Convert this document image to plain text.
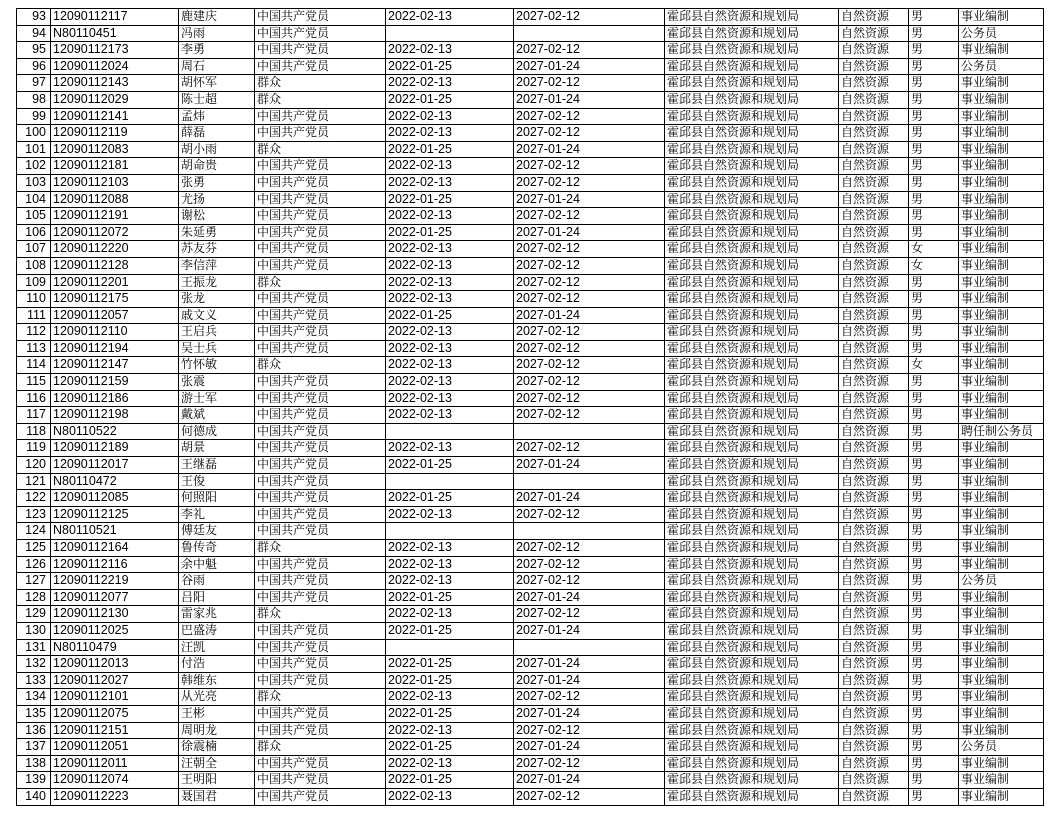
93	12090112117	鹿建庆	中国共产党员	2022-02-13	2027-02-12	霍邱县自然资源和规划局	自然资源	男	事业编制
94	N80110451	冯雨	中国共产党员			霍邱县自然资源和规划局	自然资源	男	公务员
95	12090112173	李勇	中国共产党员	2022-02-13	2027-02-12	霍邱县自然资源和规划局	自然资源	男	事业编制
96	12090112024	周石	中国共产党员	2022-01-25	2027-01-24	霍邱县自然资源和规划局	自然资源	男	公务员
97	12090112143	胡怀军	群众	2022-02-13	2027-02-12	霍邱县自然资源和规划局	自然资源	男	事业编制
98	12090112029	陈士超	群众	2022-01-25	2027-01-24	霍邱县自然资源和规划局	自然资源	男	事业编制
99	12090112141	孟炜	中国共产党员	2022-02-13	2027-02-12	霍邱县自然资源和规划局	自然资源	男	事业编制
100	12090112119	薛磊	中国共产党员	2022-02-13	2027-02-12	霍邱县自然资源和规划局	自然资源	男	事业编制
101	12090112083	胡小雨	群众	2022-01-25	2027-01-24	霍邱县自然资源和规划局	自然资源	男	事业编制
102	12090112181	胡命贵	中国共产党员	2022-02-13	2027-02-12	霍邱县自然资源和规划局	自然资源	男	事业编制
103	12090112103	张勇	中国共产党员	2022-02-13	2027-02-12	霍邱县自然资源和规划局	自然资源	男	事业编制
104	12090112088	尤扬	中国共产党员	2022-01-25	2027-01-24	霍邱县自然资源和规划局	自然资源	男	事业编制
105	12090112191	谢松	中国共产党员	2022-02-13	2027-02-12	霍邱县自然资源和规划局	自然资源	男	事业编制
106	12090112072	朱延勇	中国共产党员	2022-01-25	2027-01-24	霍邱县自然资源和规划局	自然资源	男	事业编制
107	12090112220	苏友芬	中国共产党员	2022-02-13	2027-02-12	霍邱县自然资源和规划局	自然资源	女	事业编制
108	12090112128	李信萍	中国共产党员	2022-02-13	2027-02-12	霍邱县自然资源和规划局	自然资源	女	事业编制
109	12090112201	王振龙	群众	2022-02-13	2027-02-12	霍邱县自然资源和规划局	自然资源	男	事业编制
110	12090112175	张龙	中国共产党员	2022-02-13	2027-02-12	霍邱县自然资源和规划局	自然资源	男	事业编制
111	12090112057	戚文义	中国共产党员	2022-01-25	2027-01-24	霍邱县自然资源和规划局	自然资源	男	事业编制
112	12090112110	王启兵	中国共产党员	2022-02-13	2027-02-12	霍邱县自然资源和规划局	自然资源	男	事业编制
113	12090112194	吴士兵	中国共产党员	2022-02-13	2027-02-12	霍邱县自然资源和规划局	自然资源	男	事业编制
114	12090112147	竹怀敏	群众	2022-02-13	2027-02-12	霍邱县自然资源和规划局	自然资源	女	事业编制
115	12090112159	张震	中国共产党员	2022-02-13	2027-02-12	霍邱县自然资源和规划局	自然资源	男	事业编制
116	12090112186	游士军	中国共产党员	2022-02-13	2027-02-12	霍邱县自然资源和规划局	自然资源	男	事业编制
117	12090112198	戴斌	中国共产党员	2022-02-13	2027-02-12	霍邱县自然资源和规划局	自然资源	男	事业编制
118	N80110522	何德成	中国共产党员			霍邱县自然资源和规划局	自然资源	男	聘任制公务员
119	12090112189	胡景	中国共产党员	2022-02-13	2027-02-12	霍邱县自然资源和规划局	自然资源	男	事业编制
120	12090112017	王继磊	中国共产党员	2022-01-25	2027-01-24	霍邱县自然资源和规划局	自然资源	男	事业编制
121	N80110472	王俊	中国共产党员			霍邱县自然资源和规划局	自然资源	男	事业编制
122	12090112085	何照阳	中国共产党员	2022-01-25	2027-01-24	霍邱县自然资源和规划局	自然资源	男	事业编制
123	12090112125	李礼	中国共产党员	2022-02-13	2027-02-12	霍邱县自然资源和规划局	自然资源	男	事业编制
124	N80110521	傅廷友	中国共产党员			霍邱县自然资源和规划局	自然资源	男	事业编制
125	12090112164	鲁传奇	群众	2022-02-13	2027-02-12	霍邱县自然资源和规划局	自然资源	男	事业编制
126	12090112116	余中魁	中国共产党员	2022-02-13	2027-02-12	霍邱县自然资源和规划局	自然资源	男	事业编制
127	12090112219	谷雨	中国共产党员	2022-02-13	2027-02-12	霍邱县自然资源和规划局	自然资源	男	公务员
128	12090112077	吕阳	中国共产党员	2022-01-25	2027-01-24	霍邱县自然资源和规划局	自然资源	男	事业编制
129	12090112130	雷家兆	群众	2022-02-13	2027-02-12	霍邱县自然资源和规划局	自然资源	男	事业编制
130	12090112025	巴盛涛	中国共产党员	2022-01-25	2027-01-24	霍邱县自然资源和规划局	自然资源	男	事业编制
131	N80110479	汪凯	中国共产党员			霍邱县自然资源和规划局	自然资源	男	事业编制
132	12090112013	付浩	中国共产党员	2022-01-25	2027-01-24	霍邱县自然资源和规划局	自然资源	男	事业编制
133	12090112027	韩维东	中国共产党员	2022-01-25	2027-01-24	霍邱县自然资源和规划局	自然资源	男	事业编制
134	12090112101	从光亮	群众	2022-02-13	2027-02-12	霍邱县自然资源和规划局	自然资源	男	事业编制
135	12090112075	王彬	中国共产党员	2022-01-25	2027-01-24	霍邱县自然资源和规划局	自然资源	男	事业编制
136	12090112151	周明龙	中国共产党员	2022-02-13	2027-02-12	霍邱县自然资源和规划局	自然资源	男	事业编制
137	12090112051	徐震楠	群众	2022-01-25	2027-01-24	霍邱县自然资源和规划局	自然资源	男	公务员
138	12090112011	汪朝全	中国共产党员	2022-02-13	2027-02-12	霍邱县自然资源和规划局	自然资源	男	事业编制
139	12090112074	王明阳	中国共产党员	2022-01-25	2027-01-24	霍邱县自然资源和规划局	自然资源	男	事业编制
140	12090112223	聂国君	中国共产党员	2022-02-13	2027-02-12	霍邱县自然资源和规划局	自然资源	男	事业编制
